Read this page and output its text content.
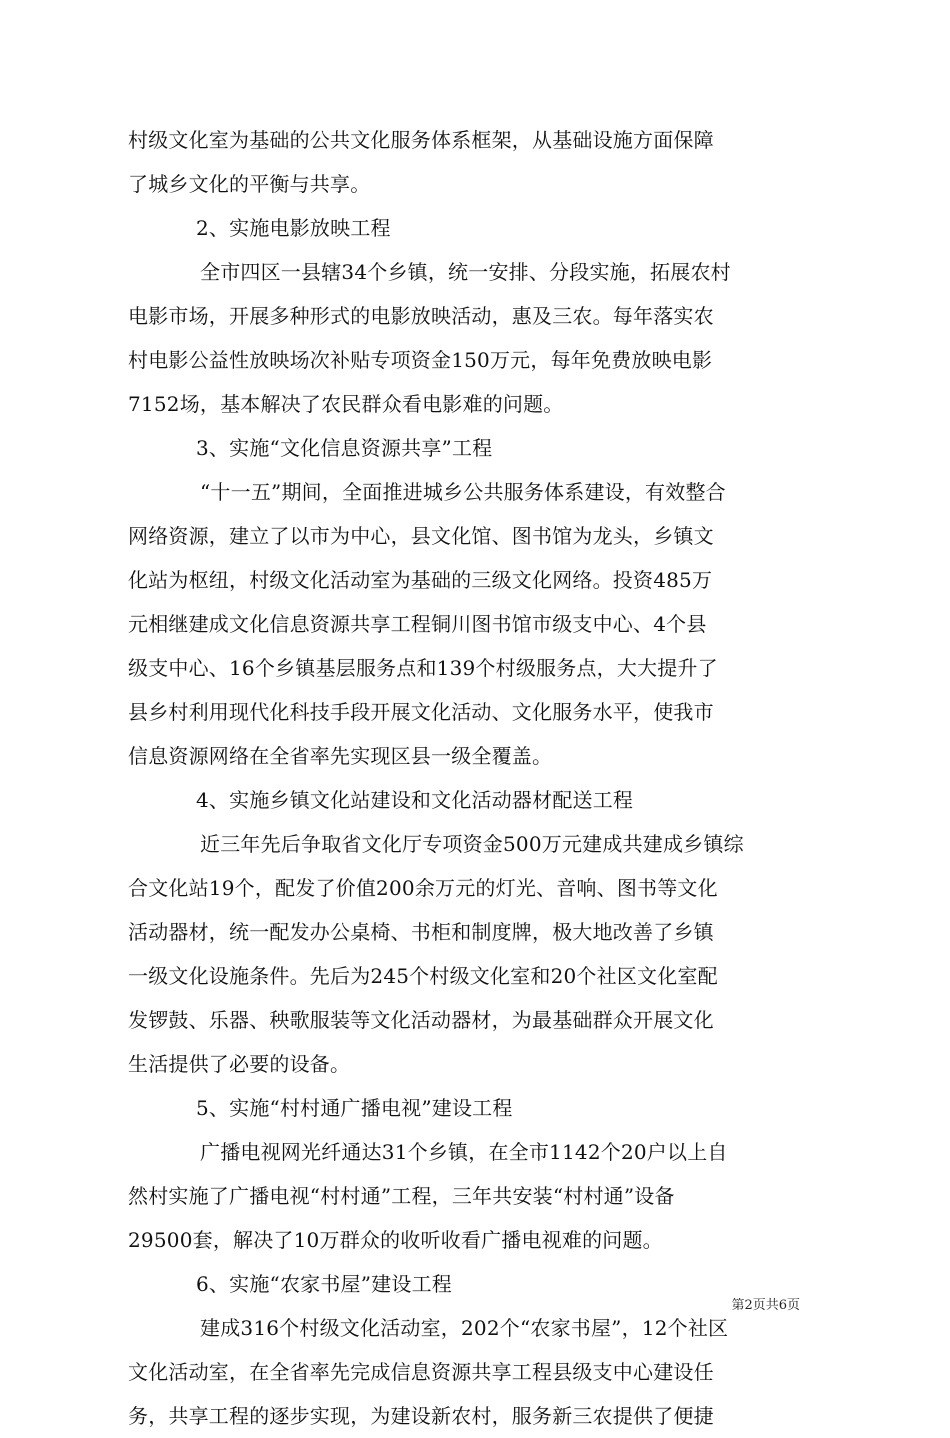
村级文化室为基础的公共文化服务体系框架，从基础设施方面保障
了城乡文化的平衡与共享。
2、实施电影放映工程
全市四区一县辖34个乡镇，统一安排、分段实施，拓展农村
电影市场，开展多种形式的电影放映活动，惠及三农。每年落实农
村电影公益性放映场次补贴专项资金150万元，每年免费放映电影
7152场，基本解决了农民群众看电影难的问题。
3、实施“文化信息资源共享”工程
“十一五”期间，全面推进城乡公共服务体系建设，有效整合
网络资源，建立了以市为中心，县文化馆、图书馆为龙头，乡镇文
化站为枢纽，村级文化活动室为基础的三级文化网络。投资485万
元相继建成文化信息资源共享工程铜川图书馆市级支中心、4个县
级支中心、16个乡镇基层服务点和139个村级服务点，大大提升了
县乡村利用现代化科技手段开展文化活动、文化服务水平，使我市
信息资源网络在全省率先实现区县一级全覆盖。
4、实施乡镇文化站建设和文化活动器材配送工程
近三年先后争取省文化厅专项资金500万元建成共建成乡镇综
合文化站19个，配发了价值200余万元的灯光、音响、图书等文化
活动器材，统一配发办公桌椅、书柜和制度牌，极大地改善了乡镇
一级文化设施条件。先后为245个村级文化室和20个社区文化室配
发锣鼓、乐器、秧歌服装等文化活动器材，为最基础群众开展文化
生活提供了必要的设备。
5、实施“村村通广播电视”建设工程
广播电视网光纤通达31个乡镇，在全市1142个20户以上自
然村实施了广播电视“村村通”工程，三年共安装“村村通”设备
29500套，解决了10万群众的收听收看广播电视难的问题。
6、实施“农家书屋”建设工程
建成316个村级文化活动室，202个“农家书屋”，12个社区
文化活动室，在全省率先完成信息资源共享工程县级支中心建设任
务，共享工程的逐步实现，为建设新农村，服务新三农提供了便捷
第2页共6页
